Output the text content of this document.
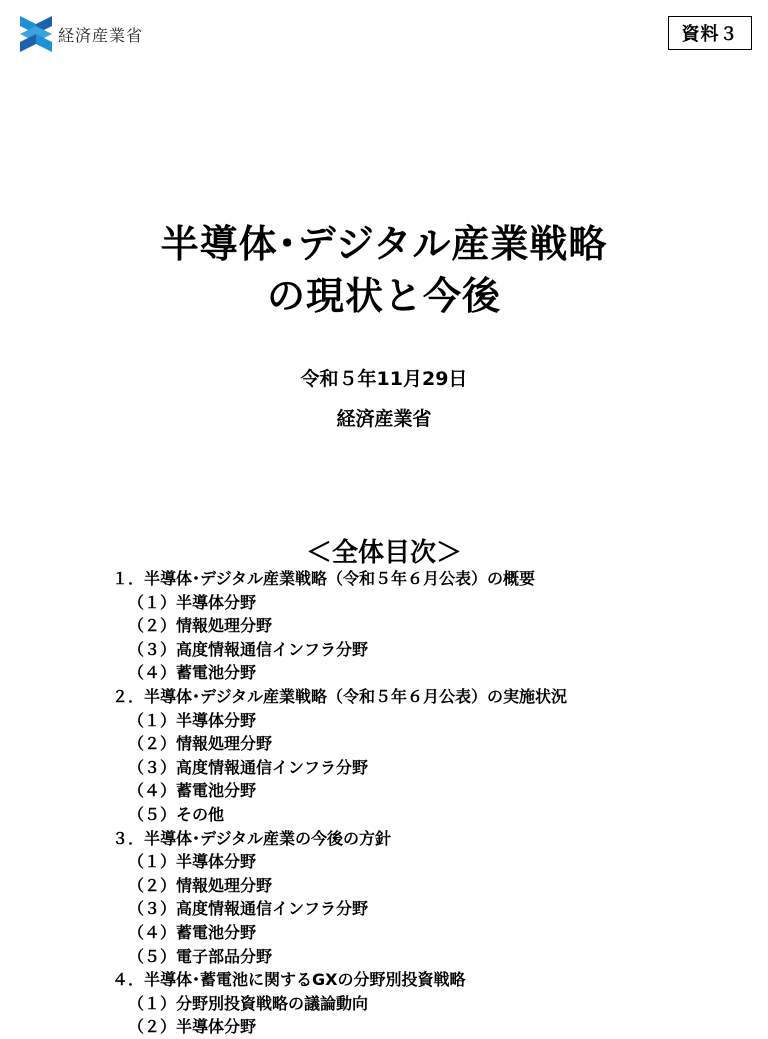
経済産業省	資料３
半導体･デジタル産業戦略
の現状と今後
令和５年11月29日
経済産業省
＜全体目次＞
１．半導体･デジタル産業戦略（令和５年６月公表）の概要
（１）半導体分野
（２）情報処理分野
（３）高度情報通信インフラ分野
（４）蓄電池分野
２．半導体･デジタル産業戦略（令和５年６月公表）の実施状況
（１）半導体分野
（２）情報処理分野
（３）高度情報通信インフラ分野
（４）蓄電池分野
（５）その他
３．半導体･デジタル産業の今後の方針
（１）半導体分野
（２）情報処理分野
（３）高度情報通信インフラ分野
（４）蓄電池分野
（５）電子部品分野
４．半導体･蓄電池に関するGXの分野別投資戦略
（１）分野別投資戦略の議論動向
（２）半導体分野
